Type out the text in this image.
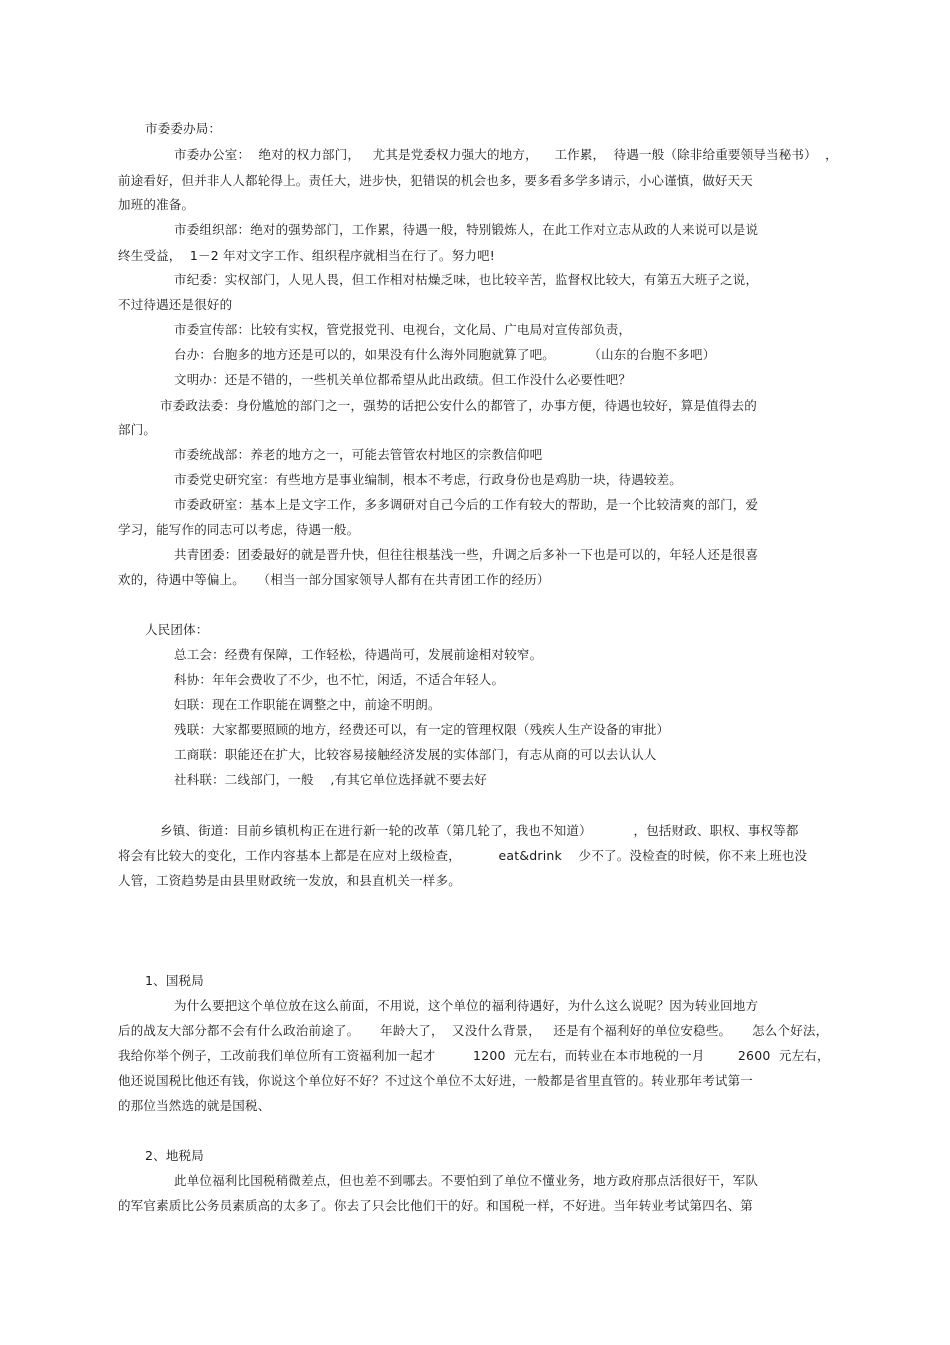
市委委办局：
市委办公室：  绝对的权力部门，   尤其是党委权力强大的地方，    工作累，  待遇一般（除非给重要领导当秘书）  ，
前途看好，但并非人人都轮得上。责任大，进步快，犯错误的机会也多，要多看多学多请示，小心谨慎，做好天天
加班的准备。
市委组织部：绝对的强势部门，工作累，待遇一般，特别锻炼人，在此工作对立志从政的人来说可以是说
终生受益，  1－2 年对文字工作、组织程序就相当在行了。努力吧!
市纪委：实权部门，人见人畏，但工作相对枯燥乏味，也比较辛苦，监督权比较大，有第五大班子之说，
不过待遇还是很好的
市委宣传部：比较有实权，管党报党刊、电视台，文化局、广电局对宣传部负责，
台办：台胞多的地方还是可以的，如果没有什么海外同胞就算了吧。        （山东的台胞不多吧）
文明办：还是不错的，一些机关单位都希望从此出政绩。但工作没什么必要性吧？
市委政法委：身份尴尬的部门之一，强势的话把公安什么的都管了，办事方便，待遇也较好，算是值得去的
部门。
市委统战部：养老的地方之一，可能去管管农村地区的宗教信仰吧
市委党史研究室：有些地方是事业编制，根本不考虑，行政身份也是鸡肋一块，待遇较差。
市委政研室：基本上是文字工作，多多调研对自己今后的工作有较大的帮助，是一个比较清爽的部门，爱
学习，能写作的同志可以考虑，待遇一般。
共青团委：团委最好的就是晋升快，但往往根基浅一些，升调之后多补一下也是可以的，年轻人还是很喜
欢的，待遇中等偏上。   （相当一部分国家领导人都有在共青团工作的经历）
人民团体：
总工会：经费有保障，工作轻松，待遇尚可，发展前途相对较窄。
科协：年年会费收了不少，也不忙，闲适，不适合年轻人。
妇联：现在工作职能在调整之中，前途不明朗。
残联：大家都要照顾的地方，经费还可以，有一定的管理权限（残疾人生产设备的审批）
工商联：职能还在扩大，比较容易接触经济发展的实体部门，有志从商的可以去认认人
社科联：二线部门，一般    ,有其它单位选择就不要去好
乡镇、街道：目前乡镇机构正在进行新一轮的改革（第几轮了，我也不知道）          ，包括财政、职权、事权等都
将会有比较大的变化，工作内容基本上都是在应对上级检查，         eat&drink    少不了。没检查的时候，你不来上班也没
人管，工资趋势是由县里财政统一发放，和县直机关一样多。
1、国税局
为什么要把这个单位放在这么前面，不用说，这个单位的福利待遇好，为什么这么说呢？因为转业回地方
后的战友大部分都不会有什么政治前途了。     年龄大了，  又没什么背景，   还是有个福利好的单位安稳些。     怎么个好法，
我给你举个例子，工改前我们单位所有工资福利加一起才         1200  元左右，而转业在本市地税的一月        2600  元左右，
他还说国税比他还有钱，你说这个单位好不好？不过这个单位不太好进，一般都是省里直管的。转业那年考试第一
的那位当然选的就是国税、
2、地税局
此单位福利比国税稍微差点，但也差不到哪去。不要怕到了单位不懂业务，地方政府那点活很好干，军队
的军官素质比公务员素质高的太多了。你去了只会比他们干的好。和国税一样，不好进。当年转业考试第四名、第
